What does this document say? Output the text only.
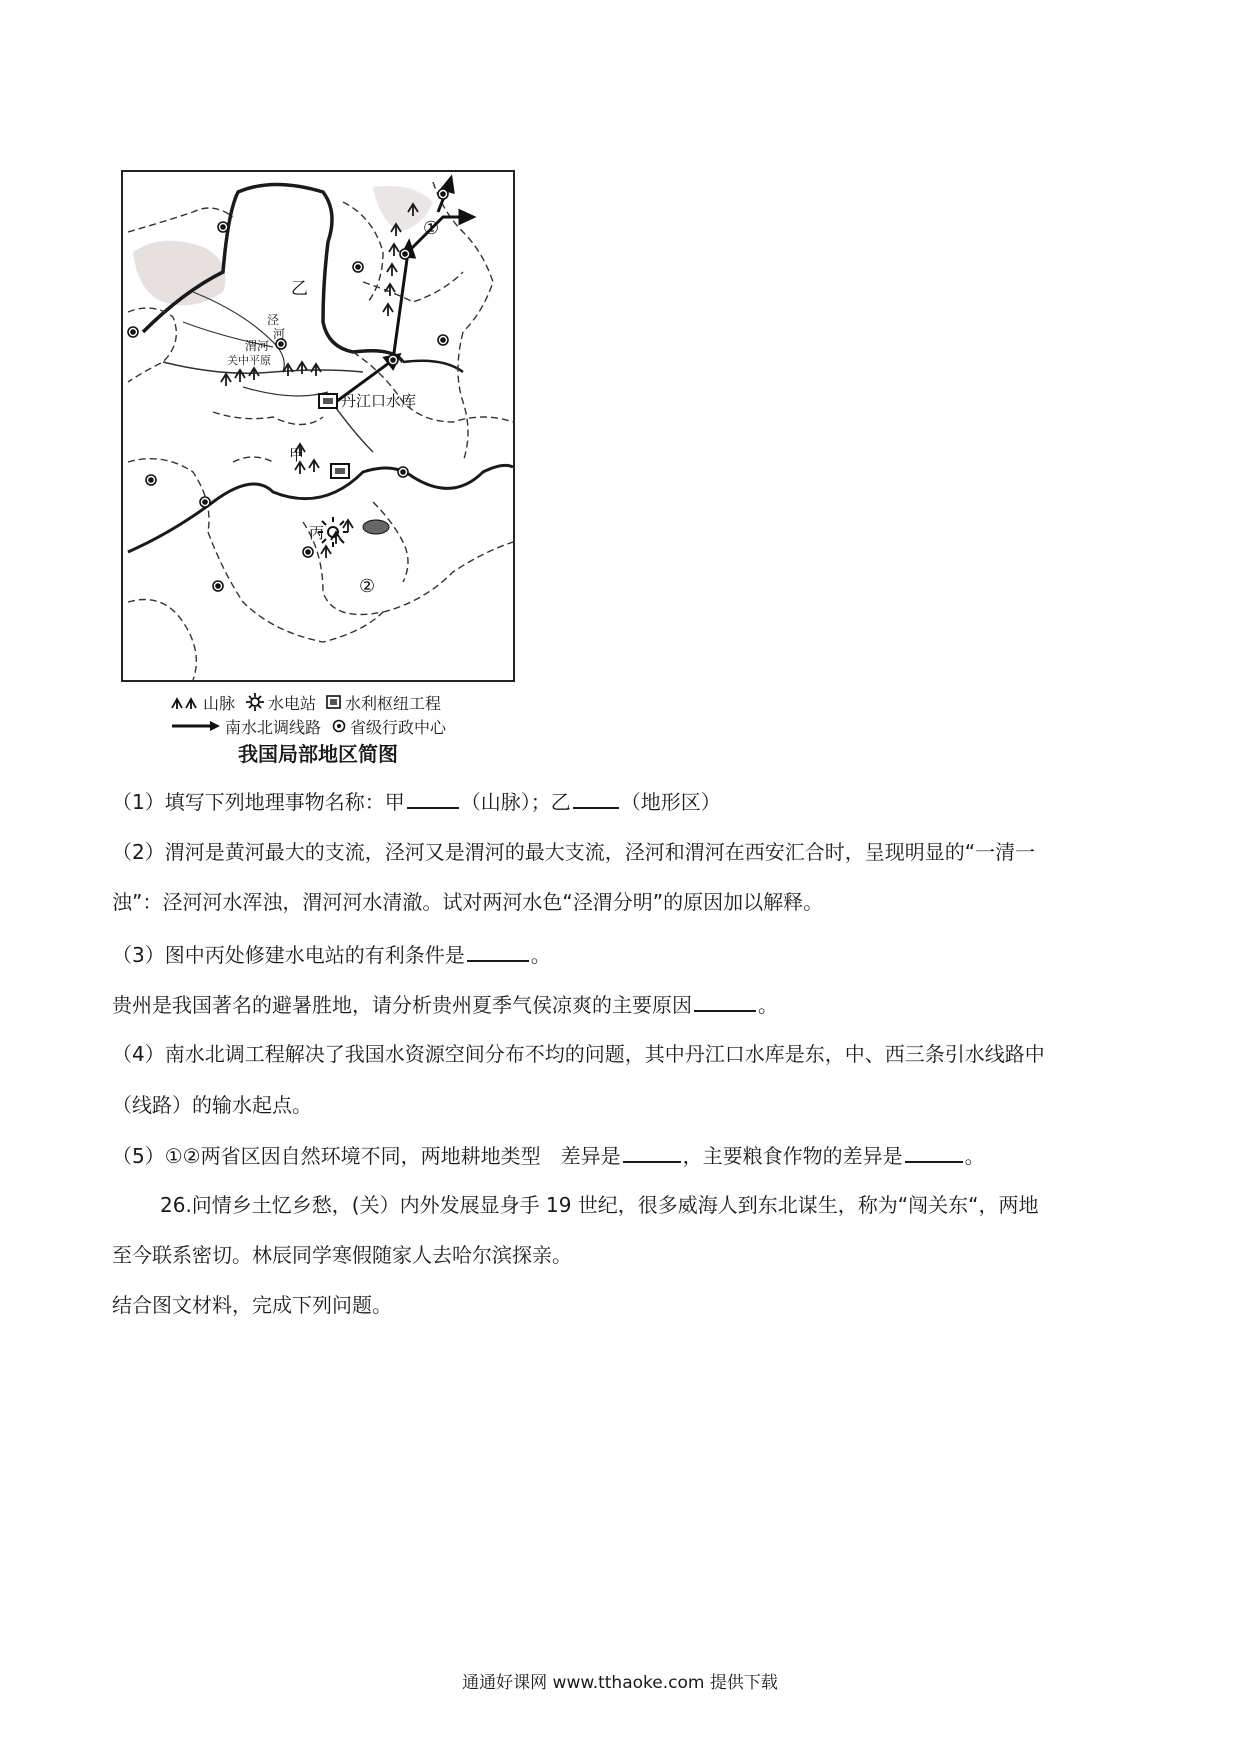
乙
泾
河
渭河
关中平原
丹江口水库
甲
丙
①
②
山脉 水电站 水利枢纽工程
南水北调线路 省级行政中心
我国局部地区简图
（1）填写下列地理事物名称：甲	（山脉）；乙	（地形区）
（2）渭河是黄河最大的支流，泾河又是渭河的最大支流，泾河和渭河在西安汇合时，呈现明显的“一清一
浊”：泾河河水浑浊，渭河河水清澈。试对两河水色“泾渭分明”的原因加以解释。
（3）图中丙处修建水电站的有利条件是	。
贵州是我国著名的避暑胜地，请分析贵州夏季气侯凉爽的主要原因	。
（4）南水北调工程解决了我国水资源空间分布不均的问题，其中丹江口水库是东，中、西三条引水线路中
（线路）的输水起点。
（5）①②两省区因自然环境不同，两地耕地类型　差异是	，主要粮食作物的差异是	。
26.问情乡土忆乡愁，(关）内外发展显身手 19 世纪，很多威海人到东北谋生，称为“闯关东“，两地
至今联系密切。林辰同学寒假随家人去哈尔滨探亲。
结合图文材料，完成下列问题。
通通好课网 www.tthaoke.com 提供下载
